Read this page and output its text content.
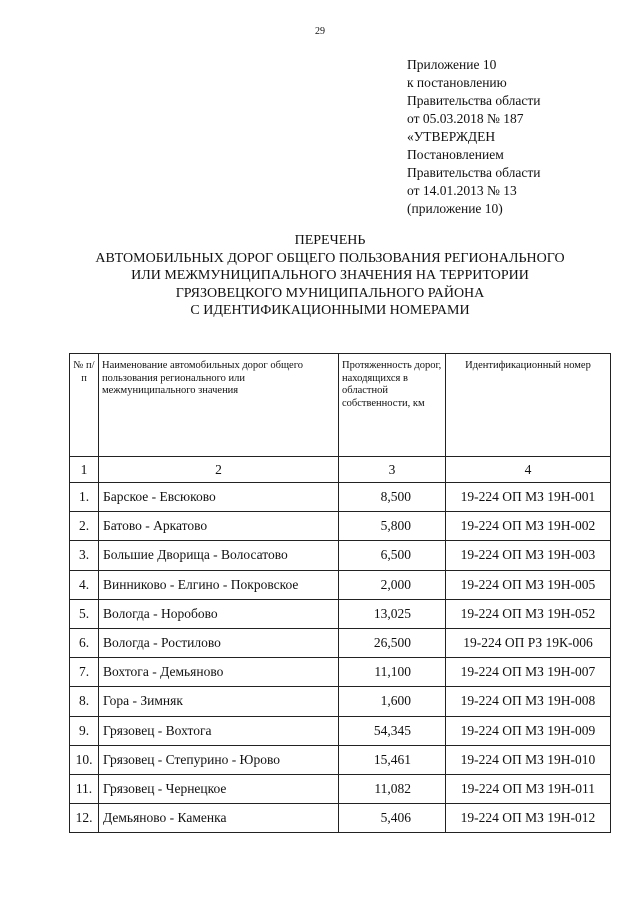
29
Приложение 10
к постановлению
Правительства области
от 05.03.2018 № 187
«УТВЕРЖДЕН
Постановлением
Правительства области
от 14.01.2013 № 13
(приложение 10)
ПЕРЕЧЕНЬ
АВТОМОБИЛЬНЫХ ДОРОГ ОБЩЕГО ПОЛЬЗОВАНИЯ РЕГИОНАЛЬНОГО
ИЛИ МЕЖМУНИЦИПАЛЬНОГО ЗНАЧЕНИЯ НА ТЕРРИТОРИИ
ГРЯЗОВЕЦКОГО МУНИЦИПАЛЬНОГО РАЙОНА
С ИДЕНТИФИКАЦИОННЫМИ НОМЕРАМИ
№ п/п	Наименование автомобильных дорог общего пользования регионального или межмуниципального значения	Протяженность дорог, находящихся в областной собственности, км	Идентификационный номер
1	2	3	4
1.	Барское - Евсюково	8,500	19-224 ОП МЗ 19Н-001
2.	Батово - Аркатово	5,800	19-224 ОП МЗ 19Н-002
3.	Большие Дворища - Волосатово	6,500	19-224 ОП МЗ 19Н-003
4.	Винниково - Елгино - Покровское	2,000	19-224 ОП МЗ 19Н-005
5.	Вологда - Норобово	13,025	19-224 ОП МЗ 19Н-052
6.	Вологда - Ростилово	26,500	19-224 ОП РЗ 19К-006
7.	Вохтога - Демьяново	11,100	19-224 ОП МЗ 19Н-007
8.	Гора - Зимняк	1,600	19-224 ОП МЗ 19Н-008
9.	Грязовец - Вохтога	54,345	19-224 ОП МЗ 19Н-009
10.	Грязовец - Степурино - Юрово	15,461	19-224 ОП МЗ 19Н-010
11.	Грязовец - Чернецкое	11,082	19-224 ОП МЗ 19Н-011
12.	Демьяново - Каменка	5,406	19-224 ОП МЗ 19Н-012
